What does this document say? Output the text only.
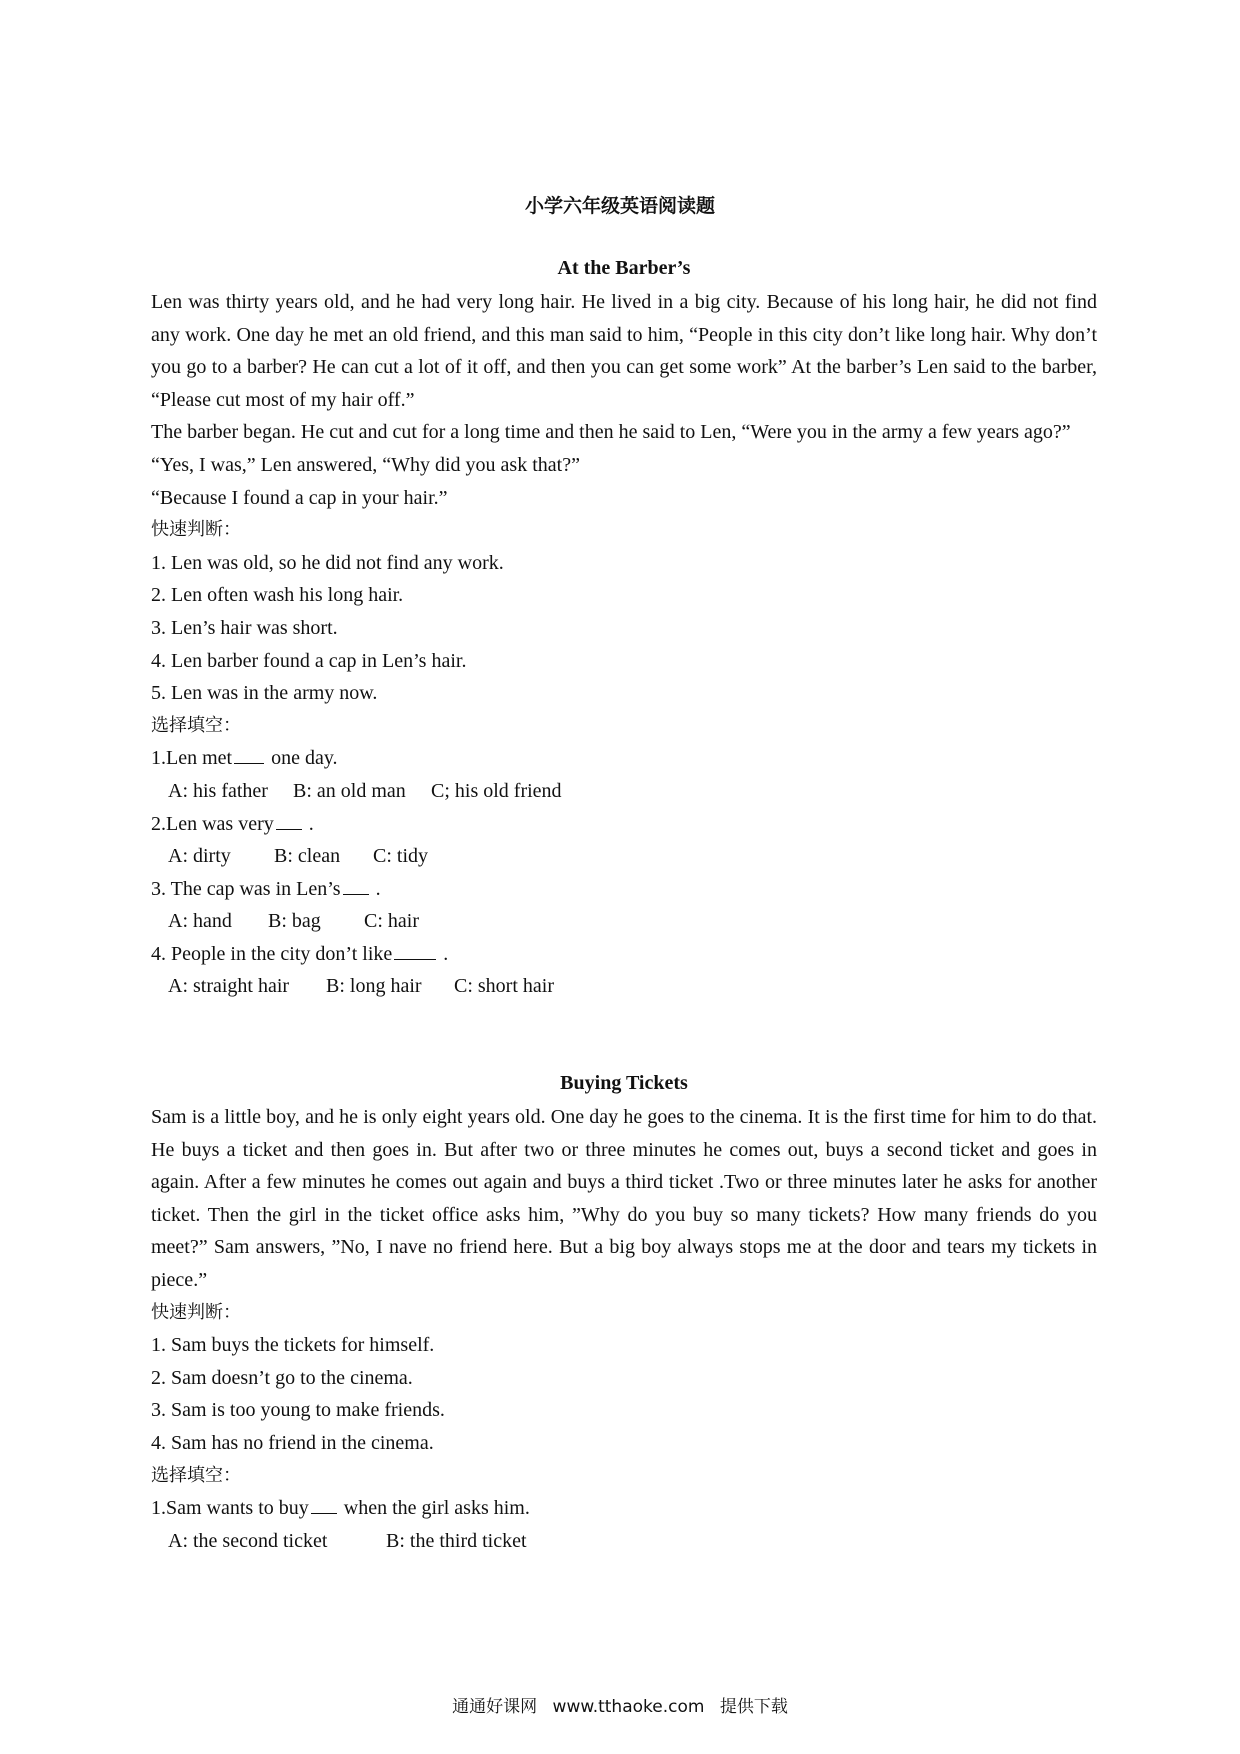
小学六年级英语阅读题
At the Barber’s

Len was thirty years old, and he had very long hair. He lived in a big city. Because of his long hair, he did not find any work. One day he met an old friend, and this man said to him, “People in this city don’t like long hair. Why don’t you go to a barber? He can cut a lot of it off, and then you can get some work” At the barber’s Len said to the barber, “Please cut most of my hair off.”

The barber began. He cut and cut for a long time and then he said to Len, “Were you in the army a few years ago?”

“Yes, I was,” Len answered, “Why did you ask that?”
“Because I found a cap in your hair.”
快速判断：
1. Len was old, so he did not find any work.
2. Len often wash his long hair.
3. Len’s hair was short.
4. Len barber found a cap in Len’s hair.
5. Len was in the army now.
选择填空：
1.Len met one day.
A: his father B: an old man C; his old friend
2.Len was very .
A: dirty B: clean C: tidy
3. The cap was in Len’s .
A: hand B: bag C: hair
4. People in the city don’t like .
A: straight hair B: long hair C: short hair
Buying Tickets

Sam is a little boy, and he is only eight years old. One day he goes to the cinema. It is the first time for him to do that. He buys a ticket and then goes in. But after two or three minutes he comes out, buys a second ticket and goes in again. After a few minutes he comes out again and buys a third ticket .Two or three minutes later he asks for another ticket. Then the girl in the ticket office asks him, ”Why do you buy so many tickets? How many friends do you meet?” Sam answers, ”No, I nave no friend here. But a big boy always stops me at the door and tears my tickets in piece.”

快速判断：
1. Sam buys the tickets for himself.
2. Sam doesn’t go to the cinema.
3. Sam is too young to make friends.
4. Sam has no friend in the cinema.
选择填空：
1.Sam wants to buy when the girl asks him.
A: the second ticket	B: the third ticket
通通好课网 www.tthaoke.com 提供下载
